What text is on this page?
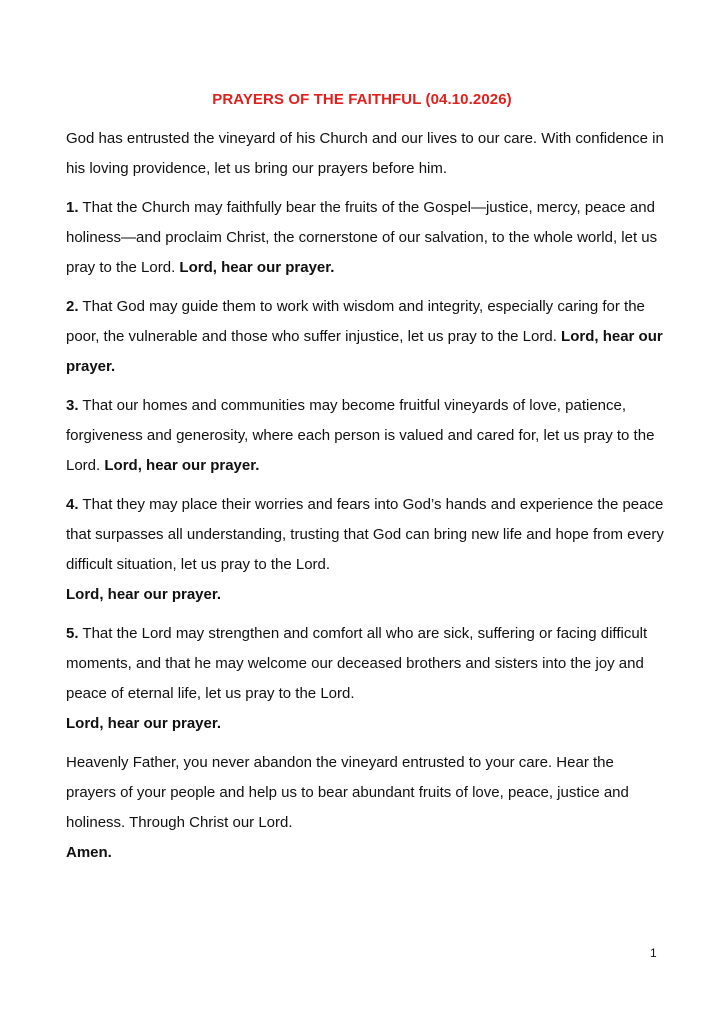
PRAYERS OF THE FAITHFUL (04.10.2026)

God has entrusted the vineyard of his Church and our lives to our care. With confidence in his loving providence, let us bring our prayers before him.

1. That the Church may faithfully bear the fruits of the Gospel—justice, mercy, peace and holiness—and proclaim Christ, the cornerstone of our salvation, to the whole world, let us pray to the Lord. Lord, hear our prayer.

2. That God may guide them to work with wisdom and integrity, especially caring for the poor, the vulnerable and those who suffer injustice, let us pray to the Lord. Lord, hear our prayer.

3. That our homes and communities may become fruitful vineyards of love, patience, forgiveness and generosity, where each person is valued and cared for, let us pray to the Lord. Lord, hear our prayer.

4. That they may place their worries and fears into God’s hands and experience the peace that surpasses all understanding, trusting that God can bring new life and hope from every difficult situation, let us pray to the Lord.
Lord, hear our prayer.

5. That the Lord may strengthen and comfort all who are sick, suffering or facing difficult moments, and that he may welcome our deceased brothers and sisters into the joy and peace of eternal life, let us pray to the Lord.
Lord, hear our prayer.

Heavenly Father, you never abandon the vineyard entrusted to your care. Hear the prayers of your people and help us to bear abundant fruits of love, peace, justice and holiness. Through Christ our Lord.
Amen.

1
